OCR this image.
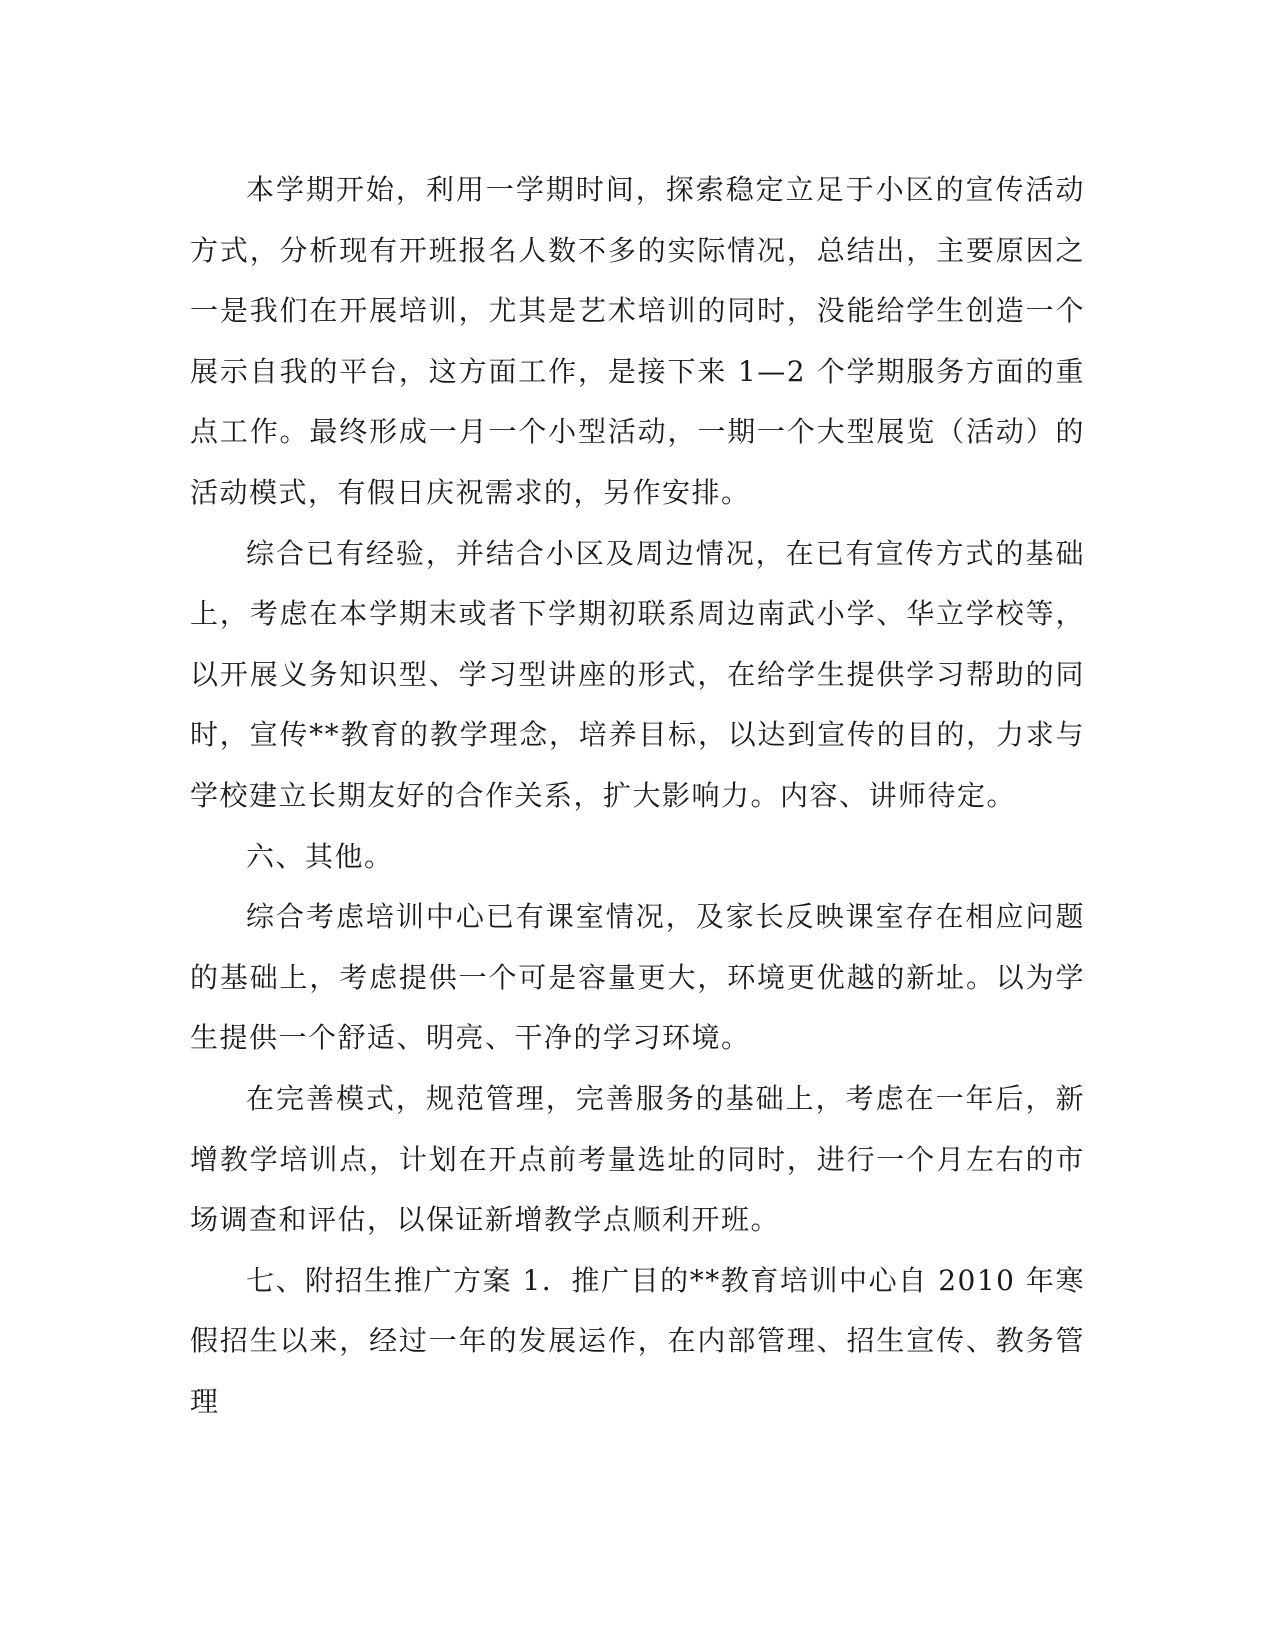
本学期开始，利用一学期时间，探索稳定立足于小区的宣传活动方式，分析现有开班报名人数不多的实际情况，总结出，主要原因之一是我们在开展培训，尤其是艺术培训的同时，没能给学生创造一个展示自我的平台，这方面工作，是接下来 1—2 个学期服务方面的重点工作。最终形成一月一个小型活动，一期一个大型展览（活动）的活动模式，有假日庆祝需求的，另作安排。

综合已有经验，并结合小区及周边情况，在已有宣传方式的基础上，考虑在本学期末或者下学期初联系周边南武小学、华立学校等，以开展义务知识型、学习型讲座的形式，在给学生提供学习帮助的同时，宣传**教育的教学理念，培养目标，以达到宣传的目的，力求与学校建立长期友好的合作关系，扩大影响力。内容、讲师待定。

六、其他。

综合考虑培训中心已有课室情况，及家长反映课室存在相应问题的基础上，考虑提供一个可是容量更大，环境更优越的新址。以为学生提供一个舒适、明亮、干净的学习环境。

在完善模式，规范管理，完善服务的基础上，考虑在一年后，新增教学培训点，计划在开点前考量选址的同时，进行一个月左右的市场调查和评估，以保证新增教学点顺利开班。

七、附招生推广方案 1．推广目的**教育培训中心自 2010 年寒假招生以来，经过一年的发展运作，在内部管理、招生宣传、教务管理
